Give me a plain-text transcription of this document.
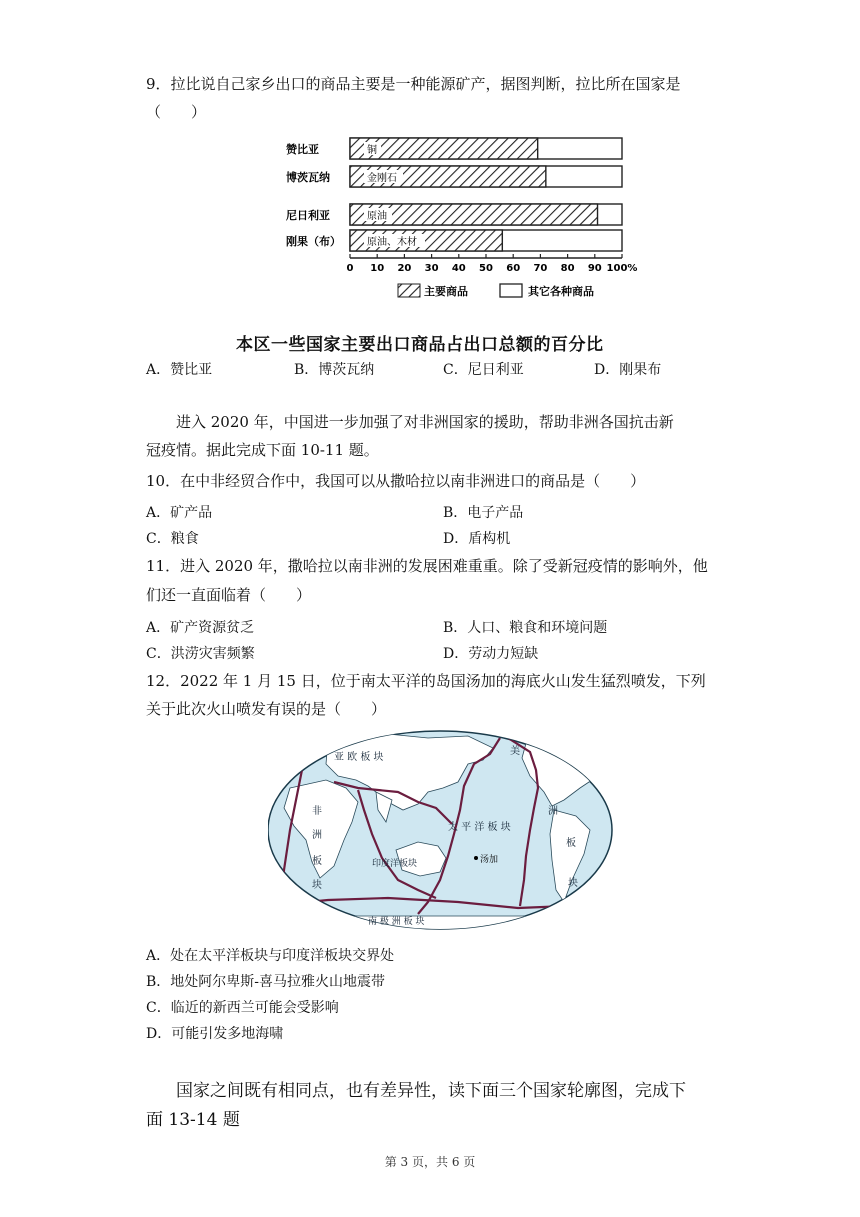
9．拉比说自己家乡出口的商品主要是一种能源矿产，据图判断，拉比所在国家是
（　　）
赞比亚
博茨瓦纳
尼日利亚
刚果（布）
铜
金刚石
原油
原油、木材
0 10 20 30 40 50 60 70 80 90 100%
主要商品	其它各种商品
本区一些国家主要出口商品占出口总额的百分比
A．赞比亚	B．博茨瓦纳	C．尼日利亚	D．刚果布
进入 2020 年，中国进一步加强了对非洲国家的援助，帮助非洲各国抗击新
冠疫情。据此完成下面 10-11 题。
10．在中非经贸合作中，我国可以从撒哈拉以南非洲进口的商品是（　　）
A．矿产品	B．电子产品
C．粮食	D．盾构机
11．进入 2020 年，撒哈拉以南非洲的发展困难重重。除了受新冠疫情的影响外，他
们还一直面临着（　　）
A．矿产资源贫乏	B．人口、粮食和环境问题
C．洪涝灾害频繁	D．劳动力短缺
12．2022 年 1 月 15 日，位于南太平洋的岛国汤加的海底火山发生猛烈喷发，下列
关于此次火山喷发有误的是（　　）
亚 欧 板 块
非
洲
板
块
太 平 洋 板 块
印度洋板块
南 极 洲 板 块
美
洲
板
块
汤加
A．处在太平洋板块与印度洋板块交界处
B．地处阿尔卑斯-喜马拉雅火山地震带
C．临近的新西兰可能会受影响
D．可能引发多地海啸
国家之间既有相同点，也有差异性，读下面三个国家轮廓图，完成下
面 13-14 题
第 3 页，共 6 页
